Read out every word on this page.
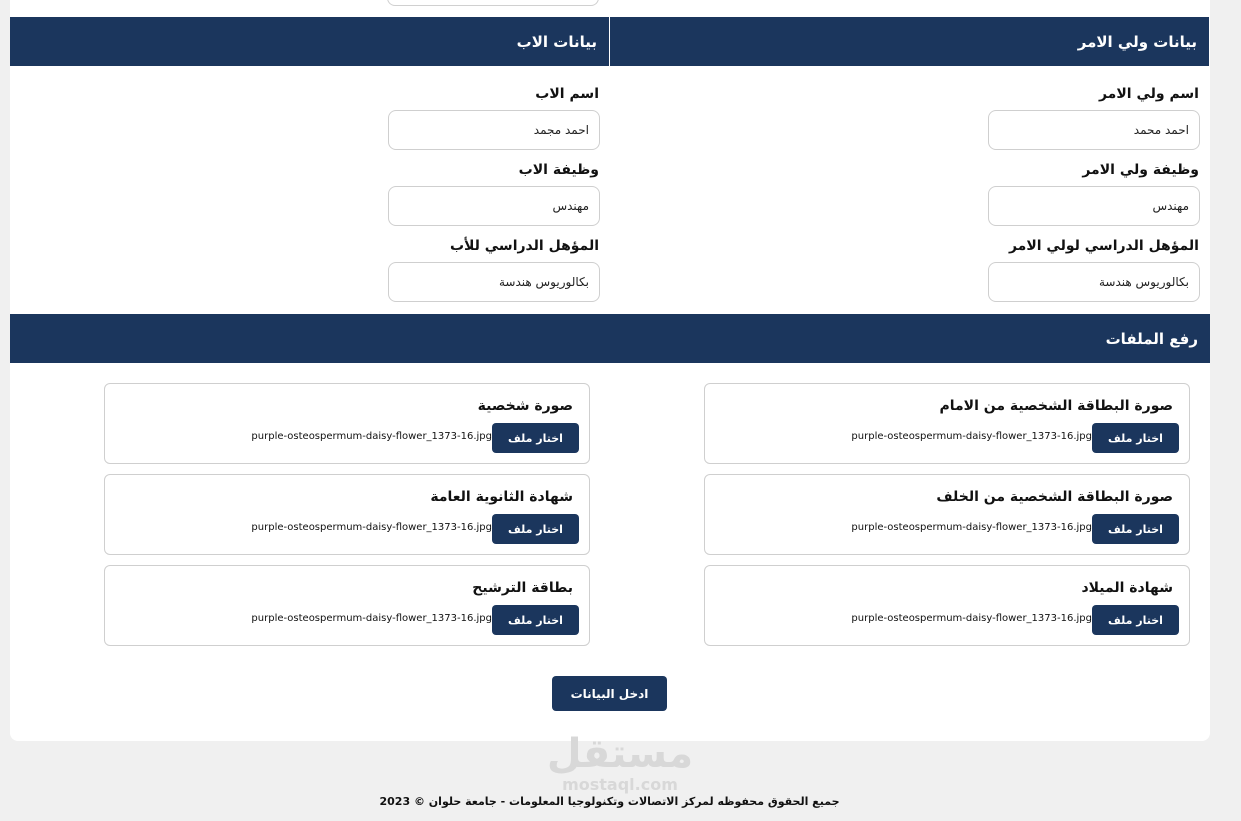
بيانات الاب	بيانات ولي الامر
اسم ولي الامر
احمد محمد
وظيفة ولي الامر
مهندس
المؤهل الدراسي لولي الامر
بكالوريوس هندسة
اسم الاب
احمد مجمد
وظيفة الاب
مهندس
المؤهل الدراسي للأب
بكالوريوس هندسة
رفع الملفات
صورة البطاقة الشخصية من الامام
اختار ملف
purple-osteospermum-daisy-flower_1373-16.jpg
صورة شخصية
اختار ملف
purple-osteospermum-daisy-flower_1373-16.jpg
صورة البطاقة الشخصية من الخلف
اختار ملف
purple-osteospermum-daisy-flower_1373-16.jpg
شهادة الثانوية العامة
اختار ملف
purple-osteospermum-daisy-flower_1373-16.jpg
شهادة الميلاد
اختار ملف
purple-osteospermum-daisy-flower_1373-16.jpg
بطاقة الترشيح
اختار ملف
purple-osteospermum-daisy-flower_1373-16.jpg
ادخل البيانات
مستقل
mostaql.com
جميع الحقوق محفوظه لمركز الاتصالات وتكنولوجيا المعلومات - جامعة حلوان © 2023
